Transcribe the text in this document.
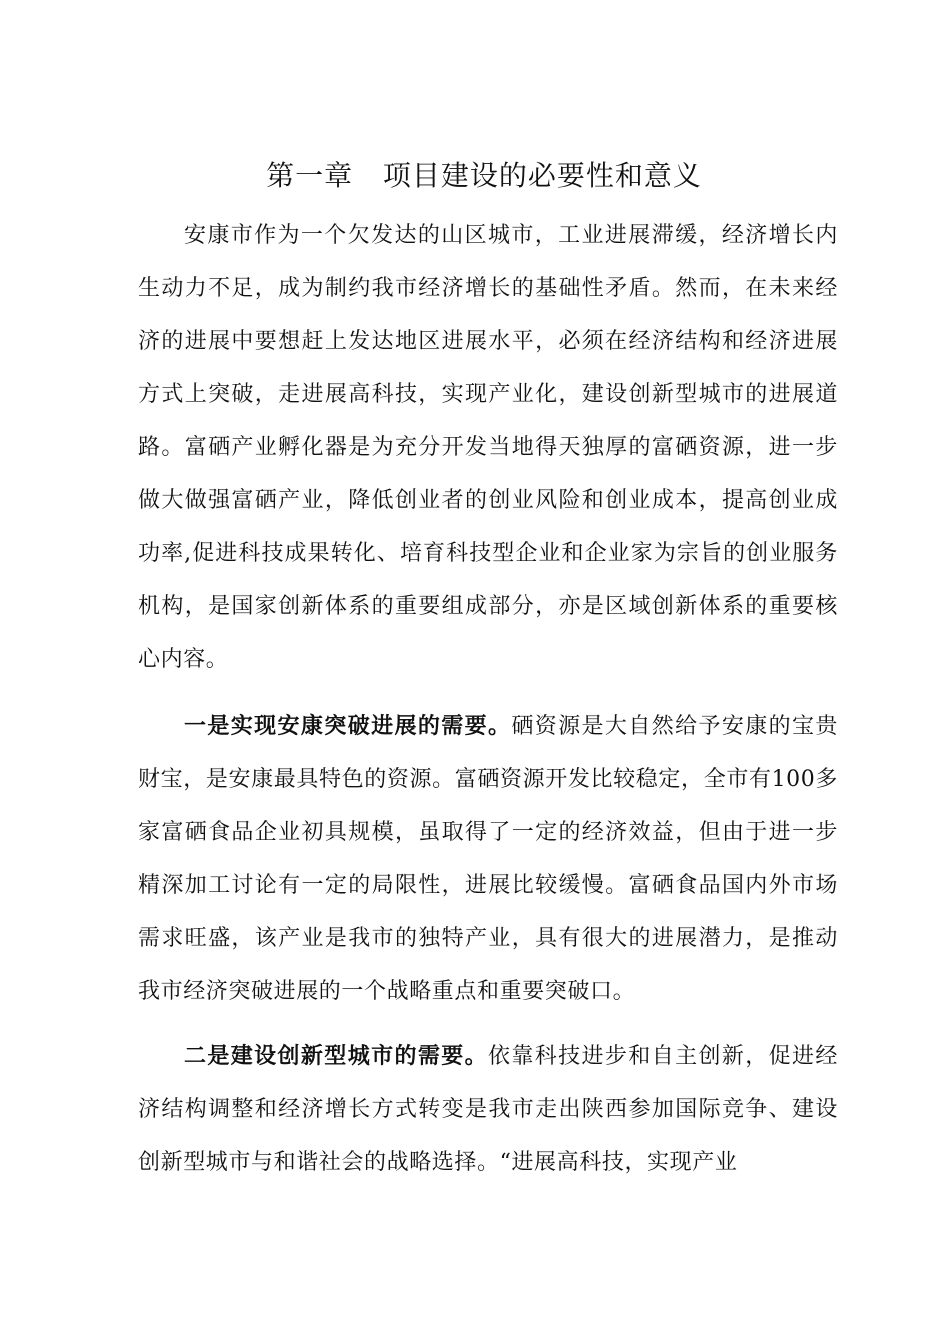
第一章   项目建设的必要性和意义

安康市作为一个欠发达的山区城市，工业进展滞缓，经济增长内生动力不足，成为制约我市经济增长的基础性矛盾。然而，在未来经济的进展中要想赶上发达地区进展水平，必须在经济结构和经济进展方式上突破，走进展高科技，实现产业化，建设创新型城市的进展道路。富硒产业孵化器是为充分开发当地得天独厚的富硒资源，进一步做大做强富硒产业，降低创业者的创业风险和创业成本，提高创业成功率,促进科技成果转化、培育科技型企业和企业家为宗旨的创业服务机构，是国家创新体系的重要组成部分，亦是区域创新体系的重要核心内容。

一是实现安康突破进展的需要。硒资源是大自然给予安康的宝贵财宝，是安康最具特色的资源。富硒资源开发比较稳定，全市有100多家富硒食品企业初具规模，虽取得了一定的经济效益，但由于进一步精深加工讨论有一定的局限性，进展比较缓慢。富硒食品国内外市场需求旺盛，该产业是我市的独特产业，具有很大的进展潜力，是推动我市经济突破进展的一个战略重点和重要突破口。

二是建设创新型城市的需要。依靠科技进步和自主创新，促进经济结构调整和经济增长方式转变是我市走出陕西参加国际竞争、建设创新型城市与和谐社会的战略选择。“进展高科技，实现产业
